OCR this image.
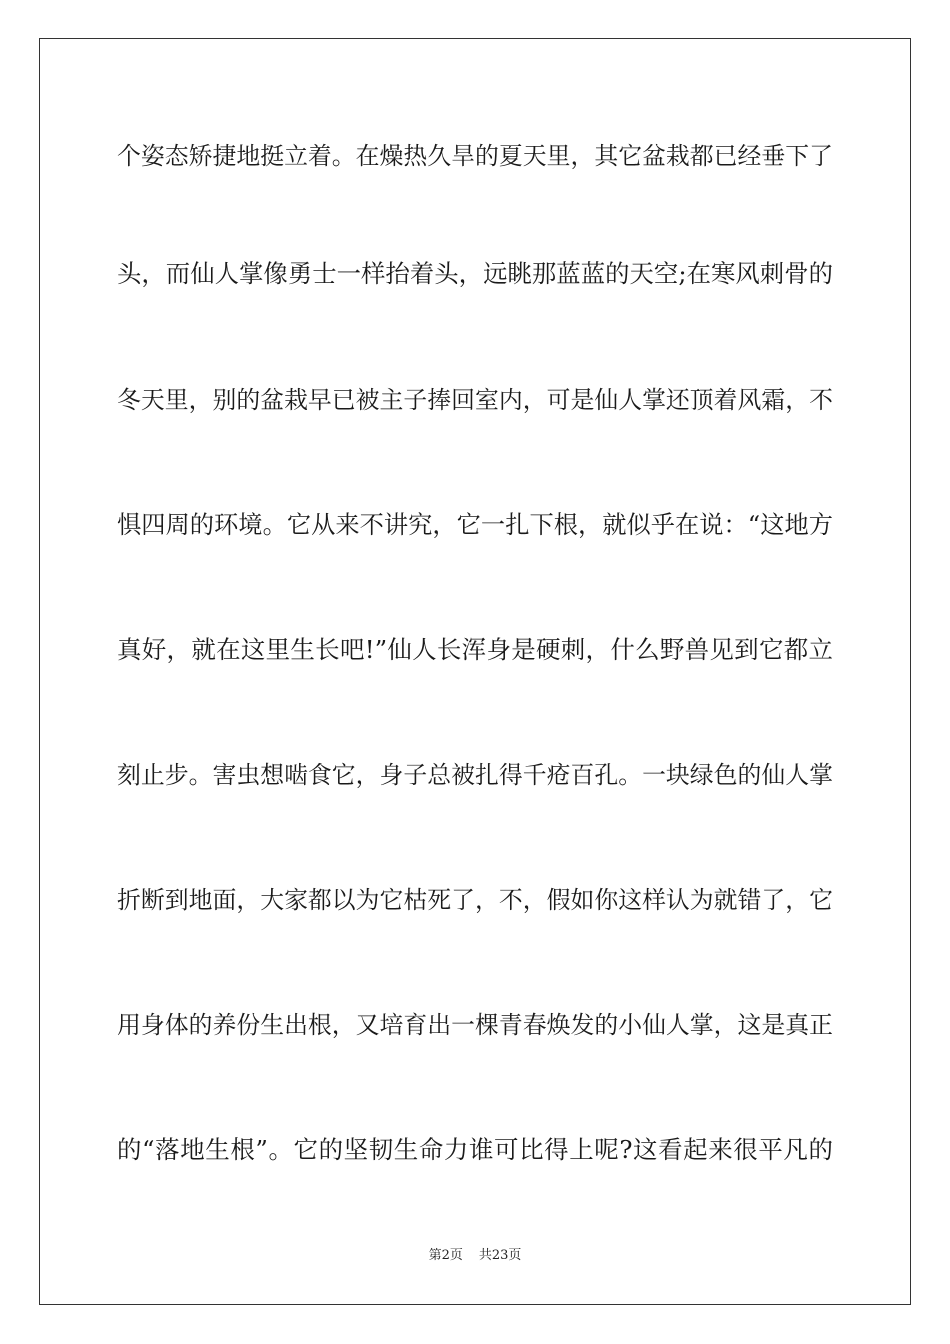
个姿态矫捷地挺立着。在燥热久旱的夏天里，其它盆栽都已经垂下了
头，而仙人掌像勇士一样抬着头，远眺那蓝蓝的天空;在寒风刺骨的
冬天里，别的盆栽早已被主子捧回室内，可是仙人掌还顶着风霜，不
惧四周的环境。它从来不讲究，它一扎下根，就似乎在说：“这地方
真好，就在这里生长吧!”仙人长浑身是硬刺，什么野兽见到它都立
刻止步。害虫想啮食它，身子总被扎得千疮百孔。一块绿色的仙人掌
折断到地面，大家都以为它枯死了，不，假如你这样认为就错了，它
用身体的养份生出根，又培育出一棵青春焕发的小仙人掌，这是真正
的“落地生根”。它的坚韧生命力谁可比得上呢?这看起来很平凡的
第2页 共23页
